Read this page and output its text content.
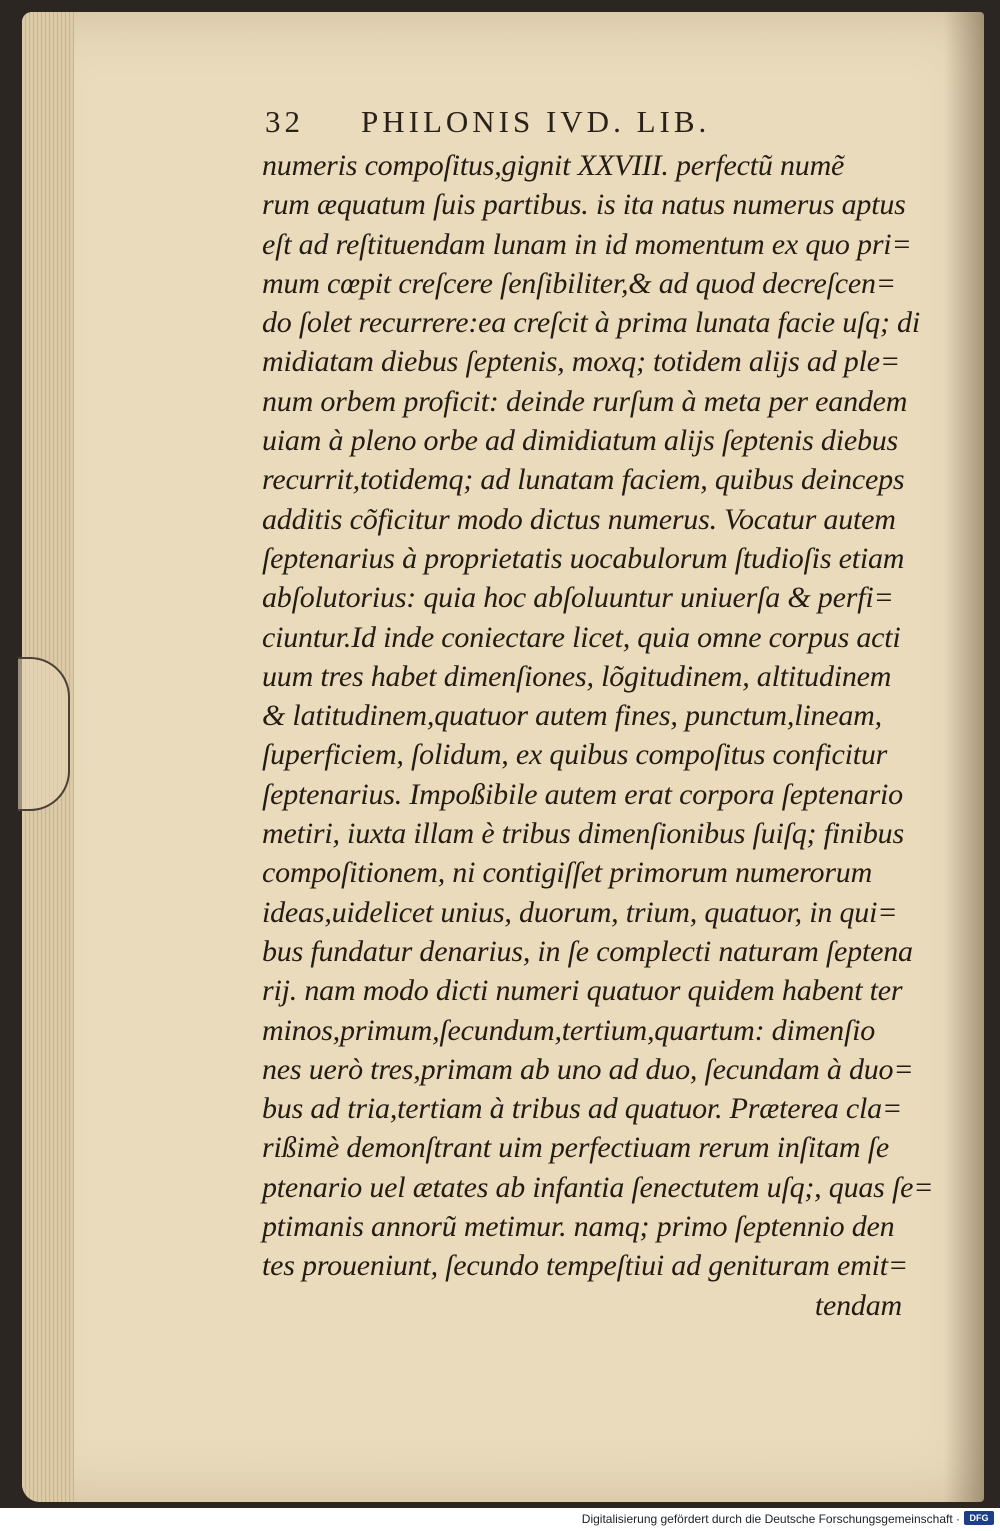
32 PHILONIS IVD. LIB.
numeris compoſitus,gignit XXVIII. perfectũ numẽ
rum æquatum ſuis partibus. is ita natus numerus aptus
eſt ad reſtituendam lunam in id momentum ex quo pri=
mum cœpit creſcere ſenſibiliter,& ad quod decreſcen=
do ſolet recurrere:ea creſcit à prima lunata facie uſq; di
midiatam diebus ſeptenis, moxq; totidem alijs ad ple=
num orbem proficit: deinde rurſum à meta per eandem
uiam à pleno orbe ad dimidiatum alijs ſeptenis diebus
recurrit,totidemq; ad lunatam faciem, quibus deinceps
additis cõficitur modo dictus numerus. Vocatur autem
ſeptenarius à proprietatis uocabulorum ſtudioſis etiam
abſolutorius: quia hoc abſoluuntur uniuerſa & perfi=
ciuntur.Id inde coniectare licet, quia omne corpus acti
uum tres habet dimenſiones, lõgitudinem, altitudinem
& latitudinem,quatuor autem fines, punctum,lineam,
ſuperficiem, ſolidum, ex quibus compoſitus conficitur
ſeptenarius. Impoßibile autem erat corpora ſeptenario
metiri, iuxta illam è tribus dimenſionibus ſuiſq; finibus
compoſitionem, ni contigiſſet primorum numerorum
ideas,uidelicet unius, duorum, trium, quatuor, in qui=
bus fundatur denarius, in ſe complecti naturam ſeptena
rij. nam modo dicti numeri quatuor quidem habent ter
minos,primum,ſecundum,tertium,quartum: dimenſio
nes uerò tres,primam ab uno ad duo, ſecundam à duo=
bus ad tria,tertiam à tribus ad quatuor. Præterea cla=
rißimè demonſtrant uim perfectiuam rerum inſitam ſe
ptenario uel ætates ab infantia ſenectutem uſq;, quas ſe=
ptimanis annorũ metimur. namq; primo ſeptennio den
tes proueniunt, ſecundo tempeſtiui ad genituram emit=
tendam
Digitalisierung gefördert durch die Deutsche Forschungsgemeinschaft ·	DFG
